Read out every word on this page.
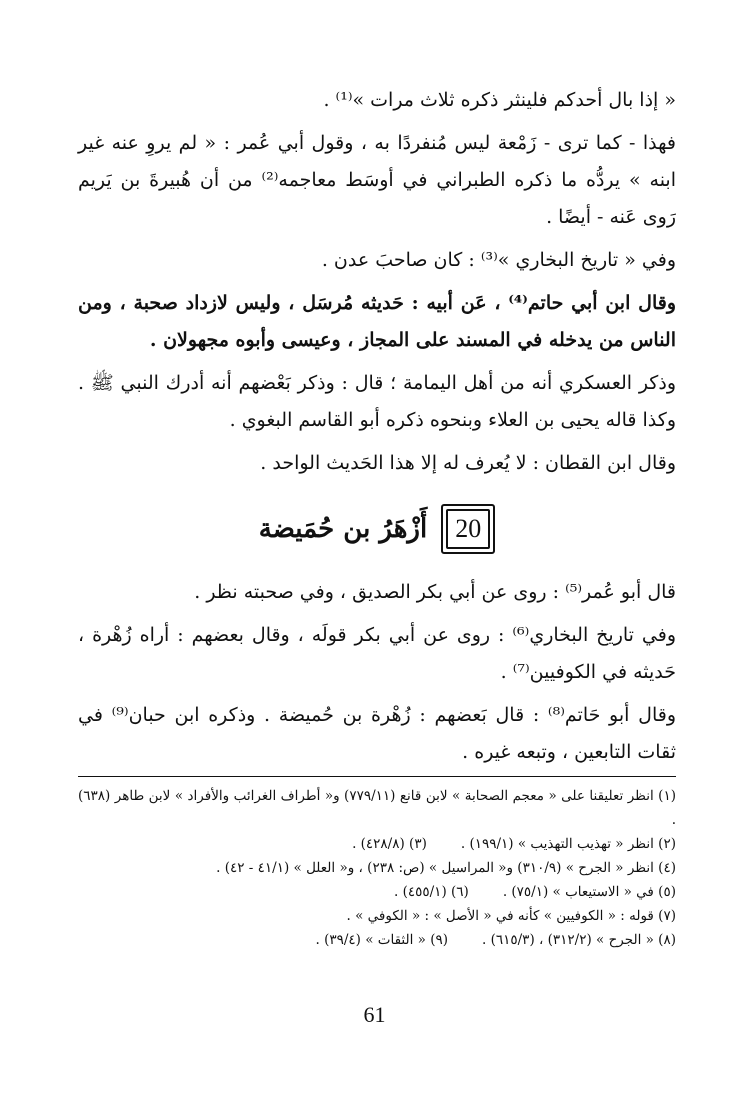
« إذا بال أحدكم فلينثر ذكره ثلاث مرات »⁽¹⁾ .

فهذا - كما ترى - زَمْعة ليس مُنفردًا به ، وقول أبي عُمر : « لم يروِ عنه غير ابنه » يردُّه ما ذكره الطبراني في أوسَط معاجمه⁽²⁾ من أن هُبيرةَ بن يَريم رَوى عَنه - أيضًا .

وفي « تاريخ البخاري »⁽³⁾ : كان صاحبَ عدن .

وقال ابن أبي حاتم⁽⁴⁾ ، عَن أبيه : حَديثه مُرسَل ، وليس لازداد صحبة ، ومن الناس من يدخله في المسند على المجاز ، وعيسى وأبوه مجهولان .

وذكر العسكري أنه من أهل اليمامة ؛ قال : وذكر بَعْضهم أنه أدرك النبي ﷺ . وكذا قاله يحيى بن العلاء وبنحوه ذكره أبو القاسم البغوي .

وقال ابن القطان : لا يُعرف له إلا هذا الحَديث الواحد .

20
أَزْهَرُ بن حُمَيضة

قال أبو عُمر⁽⁵⁾ : روى عن أبي بكر الصديق ، وفي صحبته نظر .

وفي تاريخ البخاري⁽⁶⁾ : روى عن أبي بكر قولَه ، وقال بعضهم : أراه زُهْرة ، حَديثه في الكوفيين⁽⁷⁾ .

وقال أبو حَاتم⁽⁸⁾ : قال بَعضهم : زُهْرة بن حُميضة . وذكره ابن حبان⁽⁹⁾ في ثقات التابعين ، وتبعه غيره .

(١) انظر تعليقنا على « معجم الصحابة » لابن قانع (٧٧٩/١١) و« أطراف الغرائب والأفراد » لابن طاهر (٦٣٨) .
(٢) انظر « تهذيب التهذيب » (١٩٩/١) .
(٣) (٤٢٨/٨) .
(٤) انظر « الجرح » (٣١٠/٩) و« المراسيل » (ص: ٢٣٨) ، و« العلل » (٤١/١ - ٤٢) .
(٥) في « الاستيعاب » (٧٥/١) .
(٦) (٤٥٥/١) .
(٧) قوله : « الكوفيين » كأنه في « الأصل » : « الكوفي » .
(٨) « الجرح » (٣١٢/٢) ، (٦١٥/٣) .
(٩) « الثقات » (٣٩/٤) .
61
